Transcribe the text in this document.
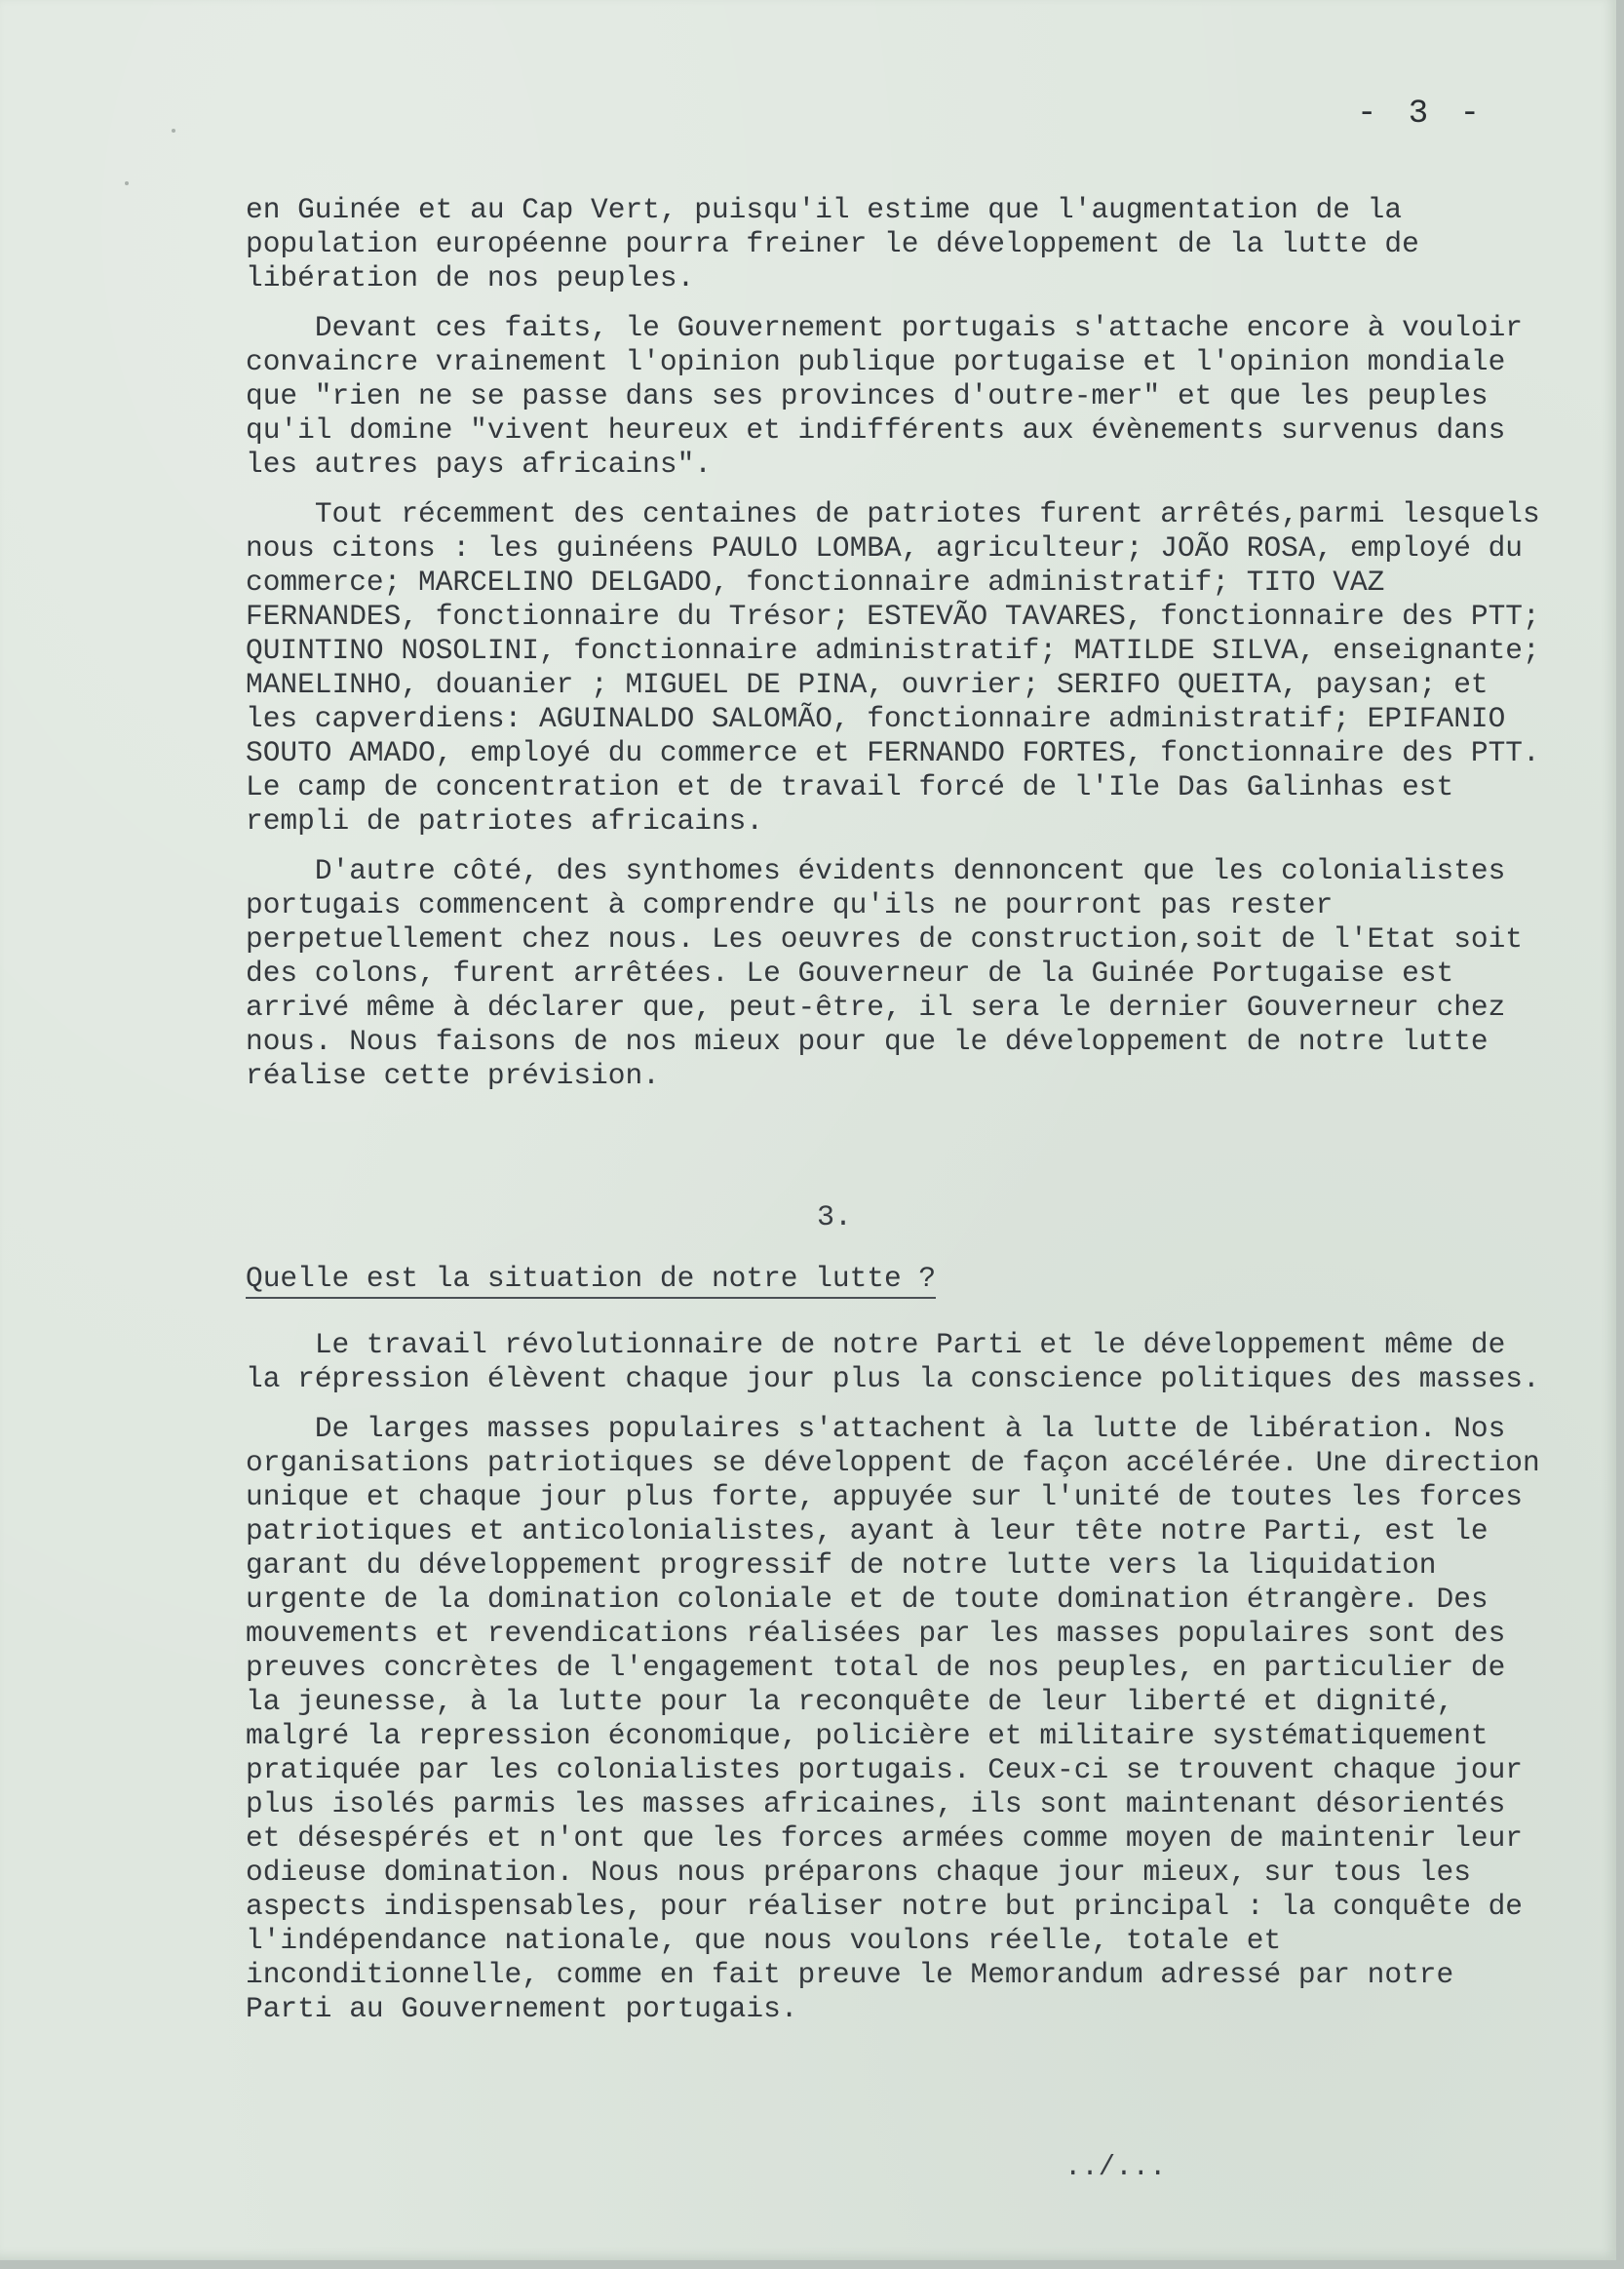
- 3 -

en Guinée et au Cap Vert, puisqu'il estime que l'augmentation de la population européenne pourra freiner le développement de la lutte de libération de nos peuples.

Devant ces faits, le Gouvernement portugais s'attache encore à vouloir convaincre vrainement l'opinion publique portugaise et l'opinion mondiale que "rien ne se passe dans ses provinces d'outre-mer" et que les peuples qu'il domine "vivent heureux et indifférents aux évènements survenus dans les autres pays africains".

Tout récemment des centaines de patriotes furent arrêtés,parmi lesquels nous citons : les guinéens PAULO LOMBA, agriculteur; JOÃO ROSA, employé du commerce; MARCELINO DELGADO, fonctionnaire administratif; TITO VAZ FERNANDES, fonctionnaire du Trésor; ESTEVÃO TAVARES, fonctionnaire des PTT; QUINTINO NOSOLINI, fonctionnaire administratif; MATILDE SILVA, enseignante; MANELINHO, douanier ; MIGUEL DE PINA, ouvrier; SERIFO QUEITA, paysan; et les capverdiens: AGUINALDO SALOMÃO, fonctionnaire administratif; EPIFANIO SOUTO AMADO, employé du commerce et FERNANDO FORTES, fonctionnaire des PTT. Le camp de concentration et de travail forcé de l'Ile Das Galinhas est rempli de patriotes africains.

D'autre côté, des synthomes évidents dennoncent que les colonialistes portugais commencent à comprendre qu'ils ne pourront pas rester perpetuellement chez nous. Les oeuvres de construction,soit de l'Etat soit des colons, furent arrêtées. Le Gouverneur de la Guinée Portugaise est arrivé même à déclarer que, peut-être, il sera le dernier Gouverneur chez nous. Nous faisons de nos mieux pour que le développement de notre lutte réalise cette prévision.

3.
Quelle est la situation de notre lutte ?

Le travail révolutionnaire de notre Parti et le développement même de la répression élèvent chaque jour plus la conscience politiques des masses.

De larges masses populaires s'attachent à la lutte de libération. Nos organisations patriotiques se développent de façon accélérée. Une direction unique et chaque jour plus forte, appuyée sur l'unité de toutes les forces patriotiques et anticolonialistes, ayant à leur tête notre Parti, est le garant du développement progressif de notre lutte vers la liquidation urgente de la domination coloniale et de toute domination étrangère. Des mouvements et revendications réalisées par les masses populaires sont des preuves concrètes de l'engagement total de nos peuples, en particulier de la jeunesse, à la lutte pour la reconquête de leur liberté et dignité, malgré la repression économique, policière et militaire systématiquement pratiquée par les colonialistes portugais. Ceux-ci se trouvent chaque jour plus isolés parmis les masses africaines, ils sont maintenant désorientés et désespérés et n'ont que les forces armées comme moyen de maintenir leur odieuse domination. Nous nous préparons chaque jour mieux, sur tous les aspects indispensables, pour réaliser notre but principal : la conquête de l'indépendance nationale, que nous voulons réelle, totale et inconditionnelle, comme en fait preuve le Memorandum adressé par notre Parti au Gouvernement portugais.

../...
